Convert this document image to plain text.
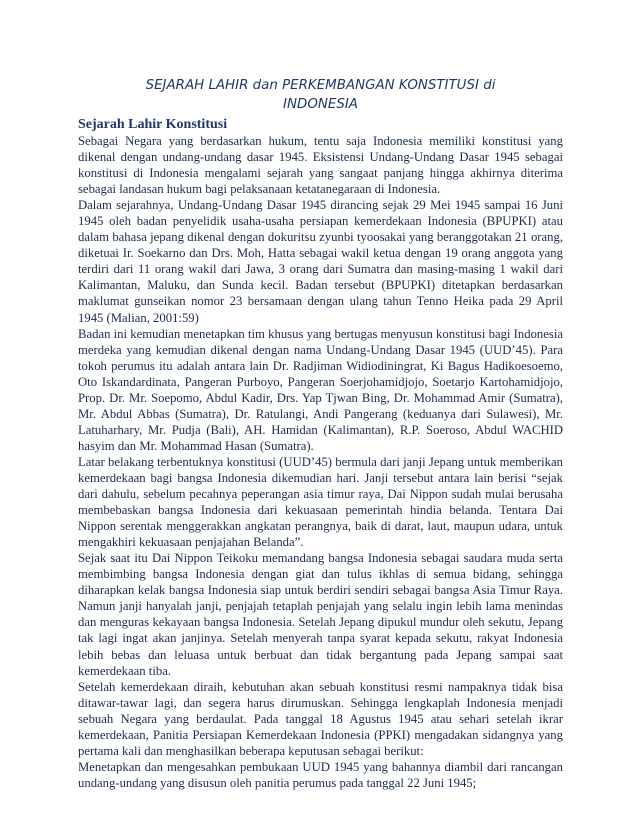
SEJARAH LAHIR dan PERKEMBANGAN KONSTITUSI di
INDONESIA
Sejarah Lahir Konstitusi

Sebagai Negara yang berdasarkan hukum, tentu saja Indonesia memiliki konstitusi yang dikenal dengan undang-undang dasar 1945. Eksistensi Undang-Undang Dasar 1945 sebagai konstitusi di Indonesia mengalami sejarah yang sangaat panjang hingga akhirnya diterima sebagai landasan hukum bagi pelaksanaan ketatanegaraan di Indonesia.

Dalam sejarahnya, Undang-Undang Dasar 1945 dirancing sejak 29 Mei 1945 sampai 16 Juni 1945 oleh badan penyelidik usaha-usaha persiapan kemerdekaan Indonesia (BPUPKI) atau dalam bahasa jepang dikenal dengan dokuritsu zyunbi tyoosakai yang beranggotakan 21 orang, diketuai Ir. Soekarno dan Drs. Moh, Hatta sebagai wakil ketua dengan 19 orang anggota yang terdiri dari 11 orang wakil dari Jawa, 3 orang dari Sumatra dan masing-masing 1 wakil dari Kalimantan, Maluku, dan Sunda kecil. Badan tersebut (BPUPKI) ditetapkan berdasarkan maklumat gunseikan nomor 23 bersamaan dengan ulang tahun Tenno Heika pada 29 April 1945 (Malian, 2001:59)

Badan ini kemudian menetapkan tim khusus yang bertugas menyusun konstitusi bagi Indonesia merdeka yang kemudian dikenal dengan nama Undang-Undang Dasar 1945 (UUD’45). Para tokoh perumus itu adalah antara lain Dr. Radjiman Widiodiningrat, Ki Bagus Hadikoesoemo, Oto Iskandardinata, Pangeran Purboyo, Pangeran Soerjohamidjojo, Soetarjo Kartohamidjojo, Prop. Dr. Mr. Soepomo, Abdul Kadir, Drs. Yap Tjwan Bing, Dr. Mohammad Amir (Sumatra), Mr. Abdul Abbas (Sumatra), Dr. Ratulangi, Andi Pangerang (keduanya dari Sulawesi), Mr. Latuharhary, Mr. Pudja (Bali), AH. Hamidan (Kalimantan), R.P. Soeroso, Abdul WACHID hasyim dan Mr. Mohammad Hasan (Sumatra).

Latar belakang terbentuknya konstitusi (UUD’45) bermula dari janji Jepang untuk memberikan kemerdekaan bagi bangsa Indonesia dikemudian hari. Janji tersebut antara lain berisi “sejak dari dahulu, sebelum pecahnya peperangan asia timur raya, Dai Nippon sudah mulai berusaha membebaskan bangsa Indonesia dari kekuasaan pemerintah hindia belanda. Tentara Dai Nippon serentak menggerakkan angkatan perangnya, baik di darat, laut, maupun udara, untuk mengakhiri kekuasaan penjajahan Belanda”.

Sejak saat itu Dai Nippon Teikoku memandang bangsa Indonesia sebagai saudara muda serta membimbing bangsa Indonesia dengan giat dan tulus ikhlas di semua bidang, sehingga diharapkan kelak bangsa Indonesia siap untuk berdiri sendiri sebagai bangsa Asia Timur Raya. Namun janji hanyalah janji, penjajah tetaplah penjajah yang selalu ingin lebih lama menindas dan menguras kekayaan bangsa Indonesia. Setelah Jepang dipukul mundur oleh sekutu, Jepang tak lagi ingat akan janjinya. Setelah menyerah tanpa syarat kepada sekutu, rakyat Indonesia lebih bebas dan leluasa untuk berbuat dan tidak bergantung pada Jepang sampai saat kemerdekaan tiba.

Setelah kemerdekaan diraih, kebutuhan akan sebuah konstitusi resmi nampaknya tidak bisa ditawar-tawar lagi, dan segera harus dirumuskan. Sehingga lengkaplah Indonesia menjadi sebuah Negara yang berdaulat. Pada tanggal 18 Agustus 1945 atau sehari setelah ikrar kemerdekaan, Panitia Persiapan Kemerdekaan Indonesia (PPKI) mengadakan sidangnya yang pertama kali dan menghasilkan beberapa keputusan sebagai berikut:

Menetapkan dan mengesahkan pembukaan UUD 1945 yang bahannya diambil dari rancangan undang-undang yang disusun oleh panitia perumus pada tanggal 22 Juni 1945;
